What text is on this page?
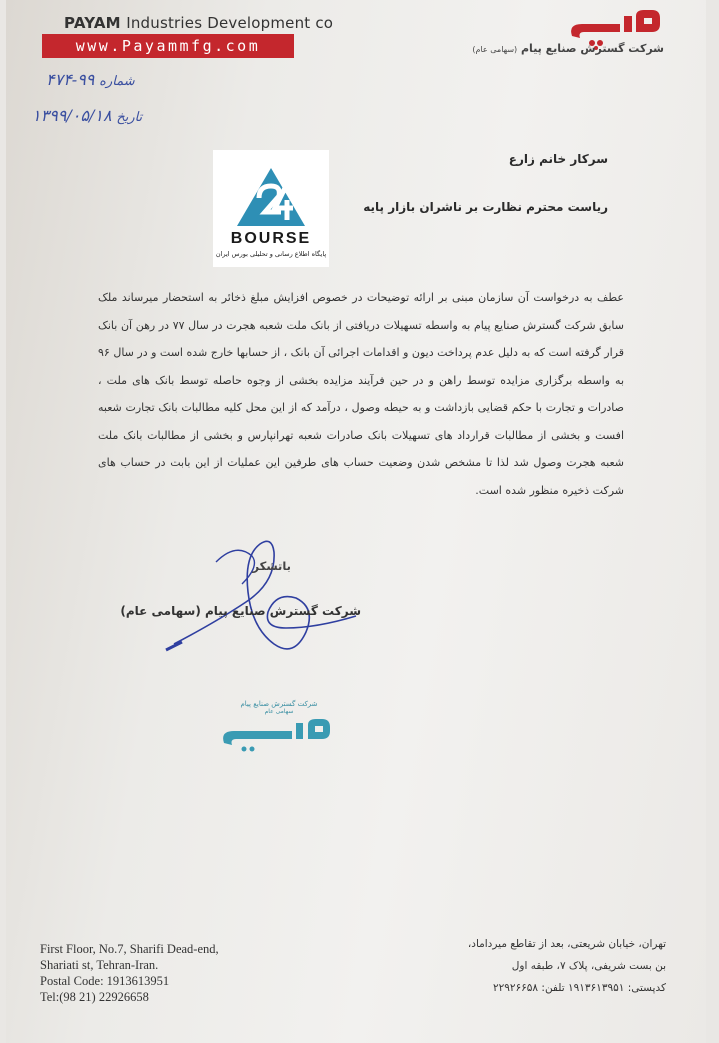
PAYAM Industries Development co
www.Payammfg.com	شرکت گسترش صنایع پیام (سهامی عام)
شماره ۹۹-۴۷۴
تاریخ ۱۳۹۹/۰۵/۱۸
BOURSE
پایگاه اطلاع رسانی و تحلیلی بورس ایران
سرکار خانم زارع
ریاست محترم نظارت بر ناشران بازار پایه
عطف به درخواست آن سازمان مبنی بر ارائه توضیحات در خصوص افزایش مبلغ ذخائر به استحضار میرساند ملک سابق شرکت گسترش صنایع پیام به واسطه تسهیلات دریافتی از بانک ملت شعبه هجرت در سال ۷۷ در رهن آن بانک قرار گرفته است که به دلیل عدم پرداخت دیون و اقدامات اجرائی آن بانک ، از حسابها خارج شده است و در سال ۹۶ به واسطه برگزاری مزایده توسط راهن و در حین فرآیند مزایده بخشی از وجوه حاصله توسط بانک های ملت ، صادرات و تجارت با حکم قضایی بازداشت و به حیطه وصول ، درآمد که از این محل کلیه مطالبات بانک تجارت شعبه افست و بخشی از مطالبات قرارداد های تسهیلات بانک صادرات شعبه تهرانپارس و بخشی از مطالبات بانک ملت شعبه هجرت وصول شد لذا تا مشخص شدن وضعیت حساب های طرفین این عملیات از این بابت در حساب های شرکت ذخیره منظور شده است.
باتشکر
شرکت گسترش صنایع پیام (سهامی عام)
شرکت گسترش صنایع پیام
سهامی عام
First Floor, No.7, Sharifi Dead-end,
Shariati st, Tehran-Iran.
Postal Code: 1913613951
Tel:(98 21) 22926658
تهران، خیابان شریعتی، بعد از تقاطع میرداماد،
بن بست شریفی، پلاک ۷، طبقه اول
کدپستی: ۱۹۱۳۶۱۳۹۵۱ تلفن: ۲۲۹۲۶۶۵۸
